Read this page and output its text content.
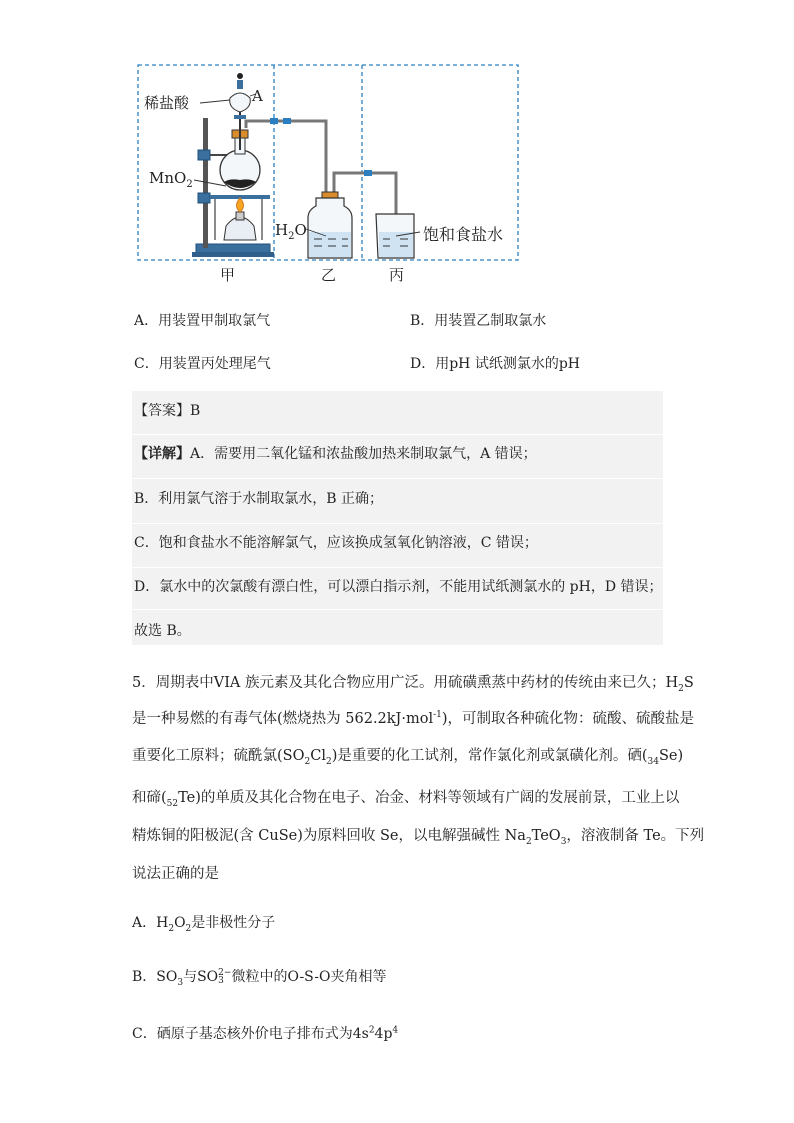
稀盐酸	A
MnO$_2$
$H_2O$	饱和食盐水
甲	乙	丙
A．用装置甲制取氯气	B．用装置乙制取氯水
C．用装置丙处理尾气	D．用pH 试纸测氯水的pH
【答案】B
【详解】A．需要用二氧化锰和浓盐酸加热来制取氯气，A 错误；
B．利用氯气溶于水制取氯水，B 正确；
C．饱和食盐水不能溶解氯气，应该换成氢氧化钠溶液，C 错误；
D．氯水中的次氯酸有漂白性，可以漂白指示剂，不能用试纸测氯水的 pH，D 错误；
故选 B。
5．周期表中VIA 族元素及其化合物应用广泛。用硫磺熏蒸中药材的传统由来已久；$H_2S$
是一种易燃的有毒气体(燃烧热为 562.2kJ·mol$^{-1}$)，可制取各种硫化物：硫酸、硫酸盐是
重要化工原料；硫酰氯$(SO_2Cl_2)$是重要的化工试剂，常作氯化剂或氯磺化剂。硒$(_{34}Se)$
和碲$(_{52}Te)$的单质及其化合物在电子、冶金、材料等领域有广阔的发展前景，工业上以
精炼铜的阳极泥(含 CuSe)为原料回收 Se，以电解强碱性 $Na_2TeO_3$，溶液制备 Te。下列
说法正确的是
A．$H_2O_2$是非极性分子
B．$SO_3$与SO 2−
3 微粒中的O-S-O夹角相等
C．硒原子基态核外价电子排布式为$4s^24p^4$
